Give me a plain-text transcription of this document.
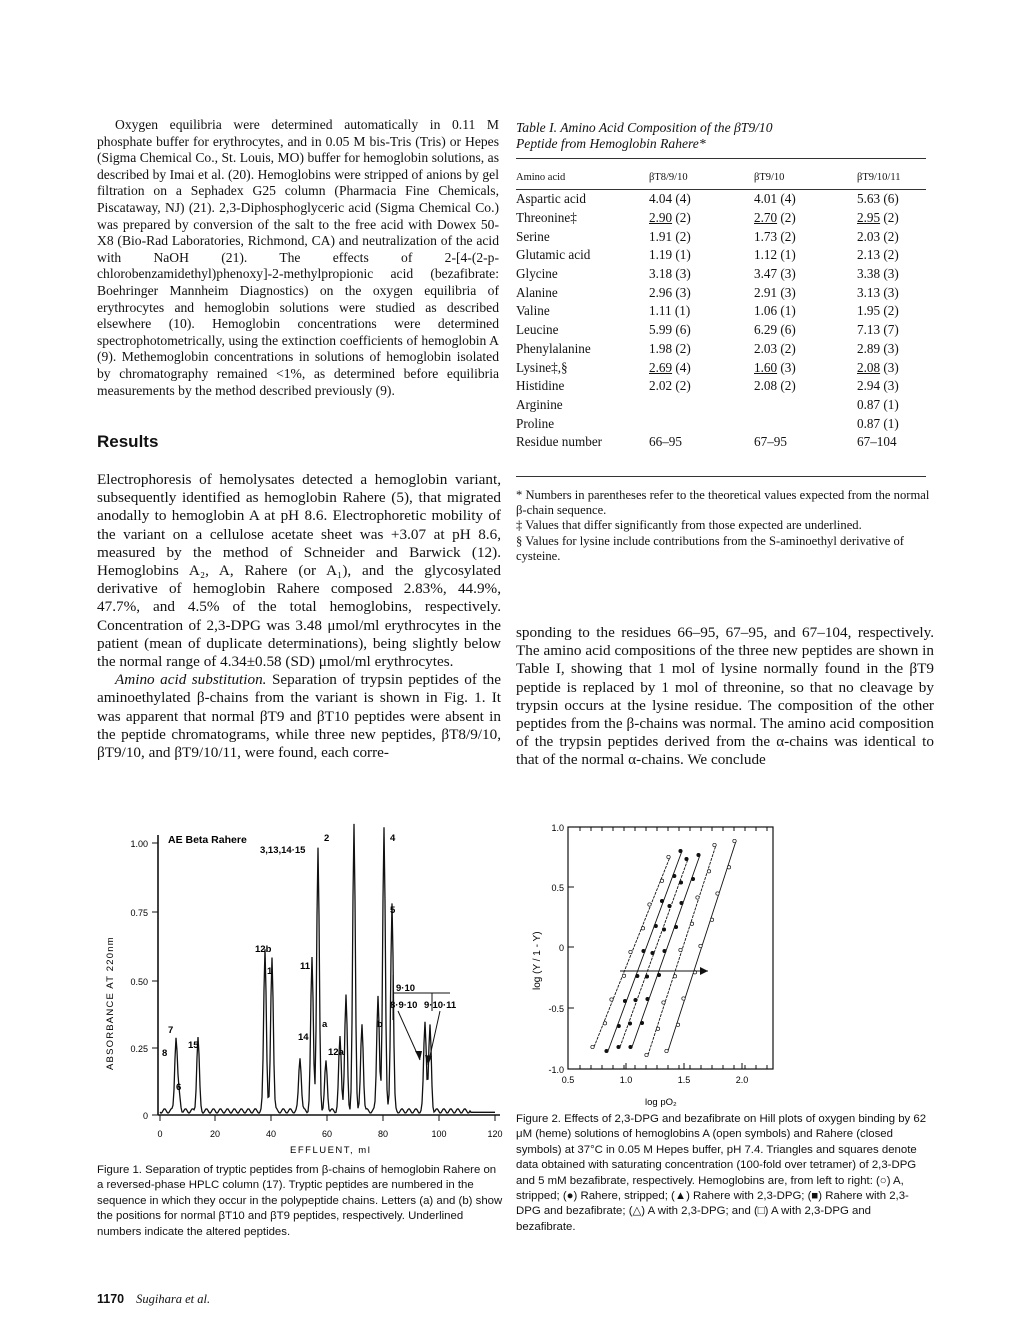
Oxygen equilibria were determined automatically in 0.11 M phosphate buffer for erythrocytes, and in 0.05 M bis-Tris (Tris) or Hepes (Sigma Chemical Co., St. Louis, MO) buffer for hemoglobin solutions, as described by Imai et al. (20). Hemoglobins were stripped of anions by gel filtration on a Sephadex G25 column (Pharmacia Fine Chemicals, Piscataway, NJ) (21). 2,3-Diphosphoglyceric acid (Sigma Chemical Co.) was prepared by conversion of the salt to the free acid with Dowex 50-X8 (Bio-Rad Laboratories, Richmond, CA) and neutralization of the acid with NaOH (21). The effects of 2-[4-(2-p-chlorobenzamidethyl)phenoxy]-2-methylpropionic acid (bezafibrate: Boehringer Mannheim Diagnostics) on the oxygen equilibria of erythrocytes and hemoglobin solutions were studied as described elsewhere (10). Hemoglobin concentrations were determined spectrophotometrically, using the extinction coefficients of hemoglobin A (9). Methemoglobin concentrations in solutions of hemoglobin isolated by chromatography remained <1%, as determined before equilibria measurements by the method described previously (9).

Results

Electrophoresis of hemolysates detected a hemoglobin variant, subsequently identified as hemoglobin Rahere (5), that migrated anodally to hemoglobin A at pH 8.6. Electrophoretic mobility of the variant on a cellulose acetate sheet was +3.07 at pH 8.6, measured by the method of Schneider and Barwick (12). Hemoglobins A₂, A, Rahere (or A₁), and the glycosylated derivative of hemoglobin Rahere composed 2.83%, 44.9%, 47.7%, and 4.5% of the total hemoglobins, respectively. Concentration of 2,3-DPG was 3.48 μmol/ml erythrocytes in the patient (mean of duplicate determinations), being slightly below the normal range of 4.34±0.58 (SD) μmol/ml erythrocytes.

Amino acid substitution. Separation of trypsin peptides of the aminoethylated β-chains from the variant is shown in Fig. 1. It was apparent that normal βT9 and βT10 peptides were absent in the peptide chromatograms, while three new peptides, βT8/9/10, βT9/10, and βT9/10/11, were found, each corre-

Table I. Amino Acid Composition of the βT9/10
Peptide from Hemoglobin Rahere*
Amino acid	βT8/9/10	βT9/10	βT9/10/11
Aspartic acid	4.04 (4)	4.01 (4)	5.63 (6)
Threonine‡	2.90 (2)	2.70 (2)	2.95 (2)
Serine	1.91 (2)	1.73 (2)	2.03 (2)
Glutamic acid	1.19 (1)	1.12 (1)	2.13 (2)
Glycine	3.18 (3)	3.47 (3)	3.38 (3)
Alanine	2.96 (3)	2.91 (3)	3.13 (3)
Valine	1.11 (1)	1.06 (1)	1.95 (2)
Leucine	5.99 (6)	6.29 (6)	7.13 (7)
Phenylalanine	1.98 (2)	2.03 (2)	2.89 (3)
Lysine‡,§	2.69 (4)	1.60 (3)	2.08 (3)
Histidine	2.02 (2)	2.08 (2)	2.94 (3)
Arginine			0.87 (1)
Proline			0.87 (1)
Residue number	66–95	67–95	67–104
* Numbers in parentheses refer to the theoretical values expected from the normal β-chain sequence.
‡ Values that differ significantly from those expected are underlined.
§ Values for lysine include contributions from the S-aminoethyl derivative of cysteine.

sponding to the residues 66–95, 67–95, and 67–104, respectively. The amino acid compositions of the three new peptides are shown in Table I, showing that 1 mol of lysine normally found in the βT9 peptide is replaced by 1 mol of threonine, so that no cleavage by trypsin occurs at the lysine residue. The composition of the other peptides from the β-chains was normal. The amino acid composition of the trypsin peptides derived from the α-chains was identical to that of the normal α-chains. We conclude

AE Beta Rahere
ABSORBANCE AT 220nm
EFFLUENT, ml
1.00
0.75
0.50
0.25
0
0	20	40	60	80	100	120
3,13,14·15
2	4
5
12b
1	11
a	b
14
12a
7
8
15
6
9·10
8·9·10 9·10·11
Figure 1. Separation of tryptic peptides from β-chains of hemoglobin Rahere on a reversed-phase HPLC column (17). Tryptic peptides are numbered in the sequence in which they occur in the polypeptide chains. Letters (a) and (b) show the positions for normal βT10 and βT9 peptides, respectively. Underlined numbers indicate the altered peptides.
log (Y / 1 - Y)
log pO₂
1.0
0.5
0
-0.5
-1.0
0.5	1.0	1.5	2.0
Figure 2. Effects of 2,3-DPG and bezafibrate on Hill plots of oxygen binding by 62 μM (heme) solutions of hemoglobins A (open symbols) and Rahere (closed symbols) at 37°C in 0.05 M Hepes buffer, pH 7.4. Triangles and squares denote data obtained with saturating concentration (100-fold over tetramer) of 2,3-DPG and 5 mM bezafibrate, respectively. Hemoglobins are, from left to right: (○) A, stripped; (●) Rahere, stripped; (▲) Rahere with 2,3-DPG; (■) Rahere with 2,3-DPG and bezafibrate; (△) A with 2,3-DPG; and (□) A with 2,3-DPG and bezafibrate.
1170 Sugihara et al.
